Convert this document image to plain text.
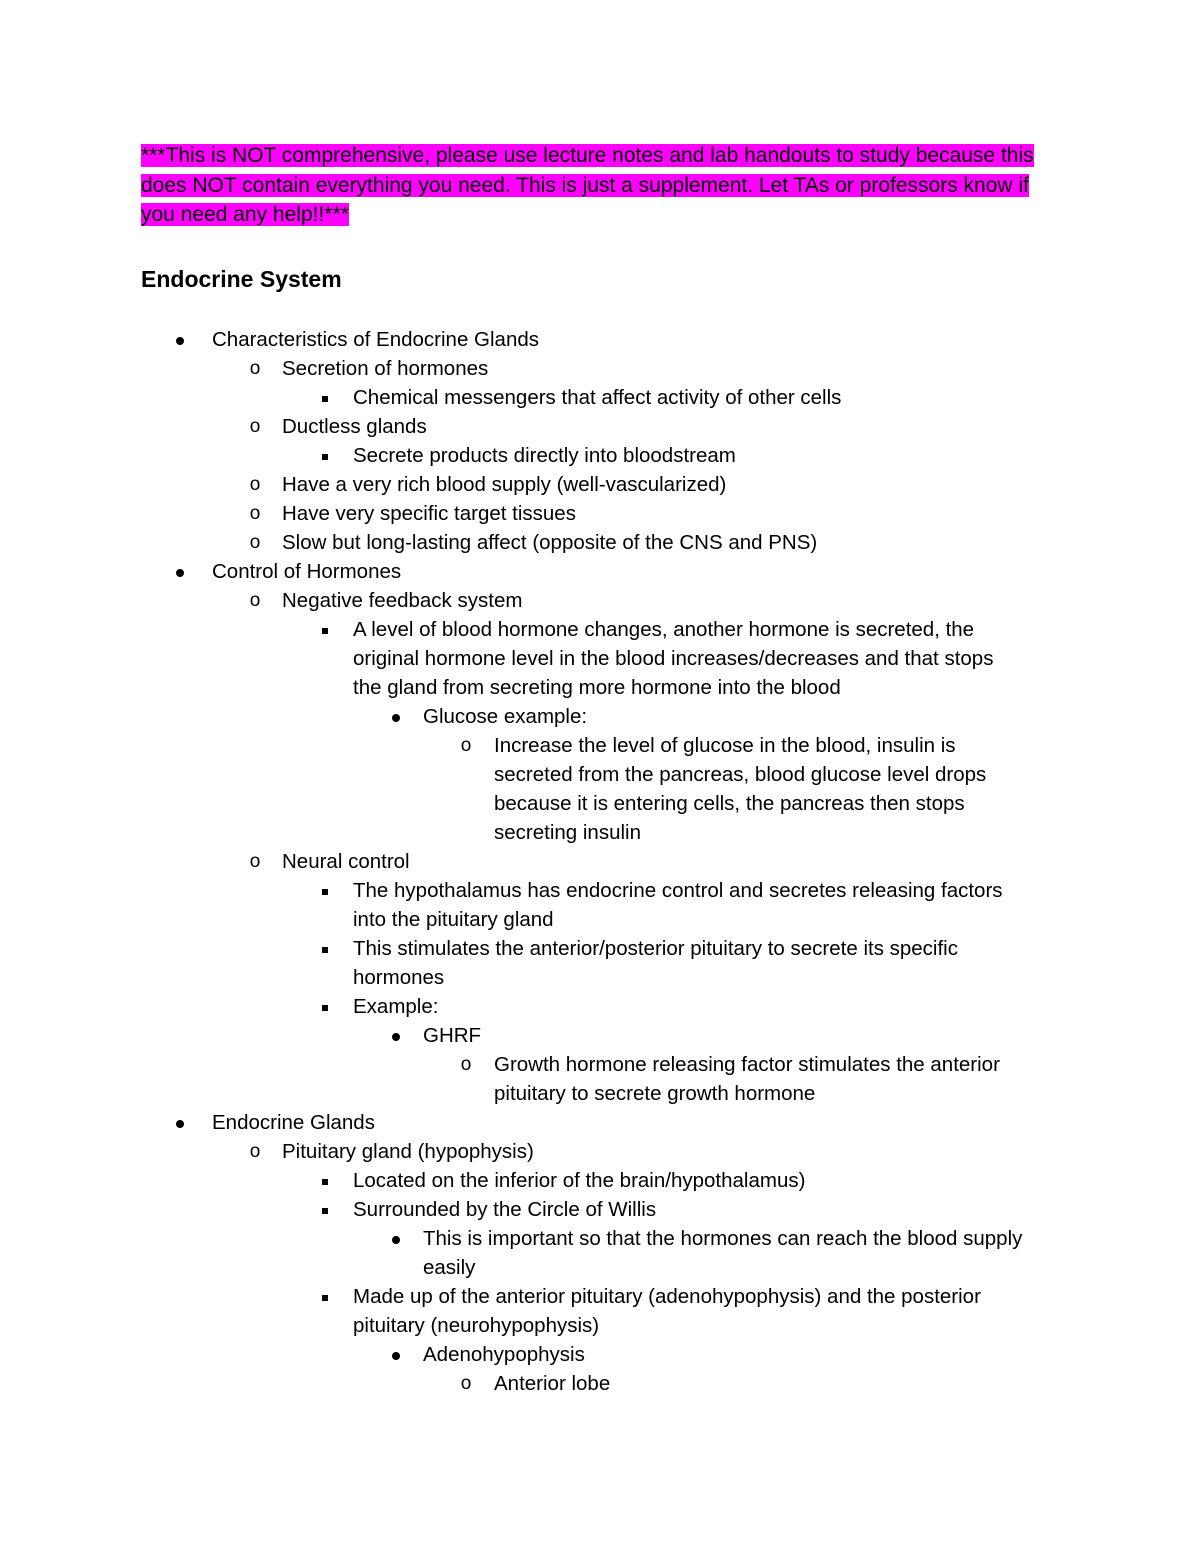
***This is NOT comprehensive, please use lecture notes and lab handouts to study because this
does NOT contain everything you need. This is just a supplement. Let TAs or professors know if
you need any help!!***
Endocrine System
Characteristics of Endocrine Glands
o	Secretion of hormones
Chemical messengers that affect activity of other cells
o	Ductless glands
Secrete products directly into bloodstream
o	Have a very rich blood supply (well-vascularized)
o	Have very specific target tissues
o	Slow but long-lasting affect (opposite of the CNS and PNS)
Control of Hormones
o	Negative feedback system
A level of blood hormone changes, another hormone is secreted, the
original hormone level in the blood increases/decreases and that stops
the gland from secreting more hormone into the blood
Glucose example:
o	Increase the level of glucose in the blood, insulin is
secreted from the pancreas, blood glucose level drops
because it is entering cells, the pancreas then stops
secreting insulin
o	Neural control
The hypothalamus has endocrine control and secretes releasing factors
into the pituitary gland
This stimulates the anterior/posterior pituitary to secrete its specific
hormones
Example:
GHRF
o	Growth hormone releasing factor stimulates the anterior
pituitary to secrete growth hormone
Endocrine Glands
o	Pituitary gland (hypophysis)
Located on the inferior of the brain/hypothalamus)
Surrounded by the Circle of Willis
This is important so that the hormones can reach the blood supply
easily
Made up of the anterior pituitary (adenohypophysis) and the posterior
pituitary (neurohypophysis)
Adenohypophysis
o	Anterior lobe
